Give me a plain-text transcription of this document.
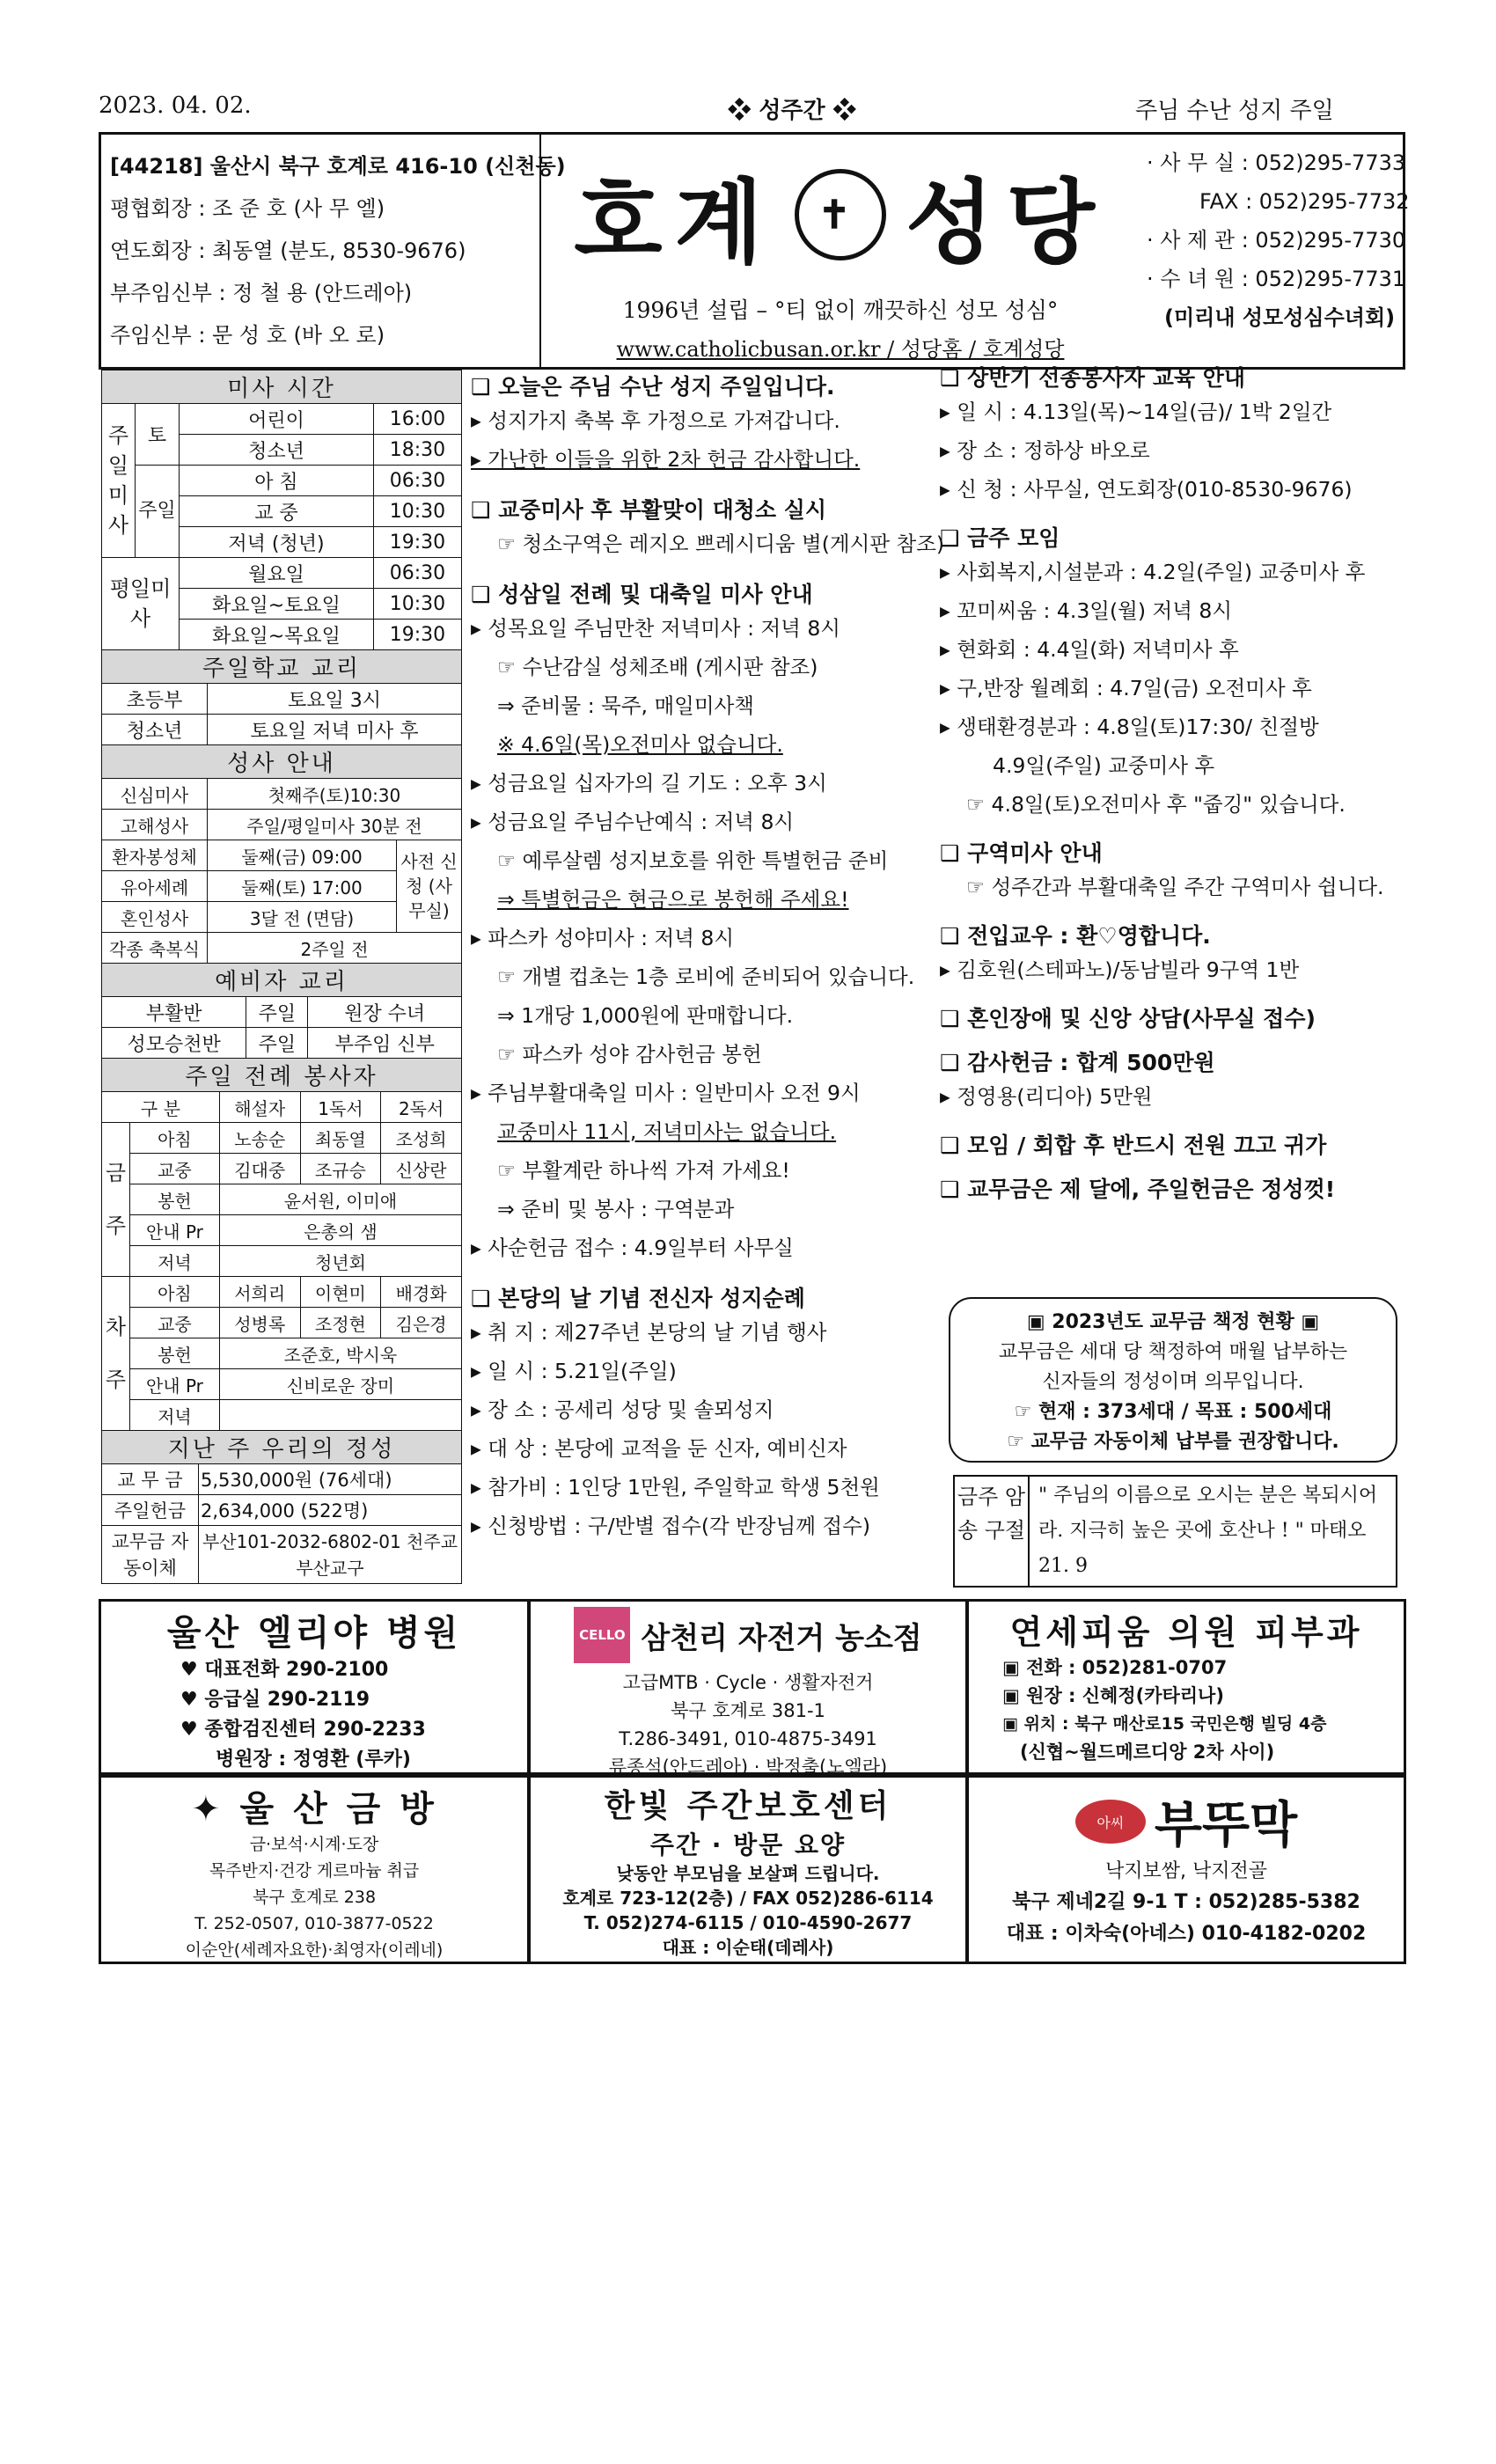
2023. 04. 02.	❖ 성주간 ❖	주님 수난 성지 주일
[44218] 울산시 북구 호계로 416-10 (신천동)
평협회장 : 조 준 호 (사 무 엘)
연도회장 : 최동열 (분도, 8530-9676)
부주임신부 : 정 철 용 (안드레아)
주임신부 : 문 성 호 (바 오 로)
호계	✝ 성당
1996년 설립 – °티 없이 깨끗하신 성모 성심°
www.catholicbusan.or.kr / 성당홈 / 호계성당
· 사 무 실 : 052)295-7733
FAX : 052)295-7732
· 사 제 관 : 052)295-7730
· 수 녀 원 : 052)295-7731
(미리내 성모성심수녀회)
미사 시간			
주일미사	토	어린이	16:00
		청소년	18:30
	주일	아 침	06:30
		교 중	10:30
		저녁 (청년)	19:30
평일미사		월요일	06:30
		화요일~토요일	10:30
		화요일~목요일	19:30
주일학교 교리	
초등부	토요일 3시
청소년	토요일 저녁 미사 후
성사 안내		
신심미사	첫째주(토)10:30	
고해성사	주일/평일미사 30분 전	
환자봉성체	둘째(금) 09:00	사전 신청 (사무실)
유아세례	둘째(토) 17:00	
혼인성사	3달 전 (면담)	
각종 축복식	2주일 전	
예비자 교리		
부활반	주일	원장 수녀
성모승천반	주일	부주임 신부
주일 전례 봉사자				
구 분		해설자	1독서	2독서
금주	아침	노송순	최동열	조성희
	교중	김대중	조규승	신상란
	봉헌	윤서원, 이미애		
	안내 Pr	은총의 샘		
	저녁	청년회		
차주	아침	서희리	이현미	배경화
	교중	성병록	조정현	김은경
	봉헌	조준호, 박시욱		
	안내 Pr	신비로운 장미		
	저녁			
지난 주 우리의 정성	
교 무 금	5,530,000원 (76세대)
주일헌금	2,634,000 (522명)
교무금 자동이체	부산101-2032-6802-01 천주교 부산교구
❑ 오늘은 주님 수난 성지 주일입니다.
▸ 성지가지 축복 후 가정으로 가져갑니다.
▸ 가난한 이들을 위한 2차 헌금 감사합니다.
❑ 교중미사 후 부활맞이 대청소 실시
☞ 청소구역은 레지오 쁘레시디움 별(게시판 참조)
❑ 성삼일 전례 및 대축일 미사 안내
▸ 성목요일 주님만찬 저녁미사 : 저녁 8시
☞ 수난감실 성체조배 (게시판 참조)
⇒ 준비물 : 묵주, 매일미사책
※ 4.6일(목)오전미사 없습니다.
▸ 성금요일 십자가의 길 기도 : 오후 3시
▸ 성금요일 주님수난예식 : 저녁 8시
☞ 예루살렘 성지보호를 위한 특별헌금 준비
⇒ 특별헌금은 현금으로 봉헌해 주세요!
▸ 파스카 성야미사 : 저녁 8시
☞ 개별 컵초는 1층 로비에 준비되어 있습니다.
⇒ 1개당 1,000원에 판매합니다.
☞ 파스카 성야 감사헌금 봉헌
▸ 주님부활대축일 미사 : 일반미사 오전 9시
교중미사 11시, 저녁미사는 없습니다.
☞ 부활계란 하나씩 가져 가세요!
⇒ 준비 및 봉사 : 구역분과
▸ 사순헌금 접수 : 4.9일부터 사무실
❑ 본당의 날 기념 전신자 성지순례
▸ 취 지 : 제27주년 본당의 날 기념 행사
▸ 일 시 : 5.21일(주일)
▸ 장 소 : 공세리 성당 및 솔뫼성지
▸ 대 상 : 본당에 교적을 둔 신자, 예비신자
▸ 참가비 : 1인당 1만원, 주일학교 학생 5천원
▸ 신청방법 : 구/반별 접수(각 반장님께 접수)
❑ 상반기 선종봉사자 교육 안내
▸ 일 시 : 4.13일(목)~14일(금)/ 1박 2일간
▸ 장 소 : 정하상 바오로
▸ 신 청 : 사무실, 연도회장(010-8530-9676)
❑ 금주 모임
▸ 사회복지,시설분과 : 4.2일(주일) 교중미사 후
▸ 꼬미씨움 : 4.3일(월) 저녁 8시
▸ 현화회 : 4.4일(화) 저녁미사 후
▸ 구,반장 월례회 : 4.7일(금) 오전미사 후
▸ 생태환경분과 : 4.8일(토)17:30/ 친절방
4.9일(주일) 교중미사 후
☞ 4.8일(토)오전미사 후 "줍깅" 있습니다.
❑ 구역미사 안내
☞ 성주간과 부활대축일 주간 구역미사 쉽니다.
❑ 전입교우 : 환♡영합니다.
▸ 김호원(스테파노)/동남빌라 9구역 1반
❑ 혼인장애 및 신앙 상담(사무실 접수)
❑ 감사헌금 : 합계 500만원
▸ 정영용(리디아) 5만원
❑ 모임 / 회합 후 반드시 전원 끄고 귀가
❑ 교무금은 제 달에, 주일헌금은 정성껏!
▣ 2023년도 교무금 책정 현황 ▣
교무금은 세대 당 책정하여 매월 납부하는
신자들의 정성이며 의무입니다.
☞ 현재 : 373세대 / 목표 : 500세대
☞ 교무금 자동이체 납부를 권장합니다.
금주 암송 구절
" 주님의 이름으로 오시는 분은 복되시어라. 지극히 높은 곳에 호산나 ! " 마태오 21. 9
울산 엘리야 병원
♥ 대표전화 290-2100
♥ 응급실 290-2119
♥ 종합검진센터 290-2233
병원장 : 정영환 (루카)
CELLO 삼천리 자전거 농소점
고급MTB · Cycle · 생활자전거
북구 호계로 381-1
T.286-3491, 010-4875-3491
류종석(안드레아) · 박정출(노엘라)
연세피움 의원 피부과
▣ 전화 : 052)281-0707
▣ 원장 : 신혜정(카타리나)
▣ 위치 : 북구 매산로15 국민은행 빌딩 4층
(신협~월드메르디앙 2차 사이)
✦ 울 산 금 방
금·보석·시계·도장
목주반지·건강 게르마늄 취급
북구 호계로 238
T. 252-0507, 010-3877-0522
이순안(세례자요한)·최영자(이레네)
한빛 주간보호센터
주간 · 방문 요양
낮동안 부모님을 보살펴 드립니다.
호계로 723-12(2층) / FAX 052)286-6114
T. 052)274-6115 / 010-4590-2677
대표 : 이순태(데레사)
아씨 부뚜막
낙지보쌈, 낙지전골
북구 제네2길 9-1 T : 052)285-5382
대표 : 이차숙(아네스) 010-4182-0202
